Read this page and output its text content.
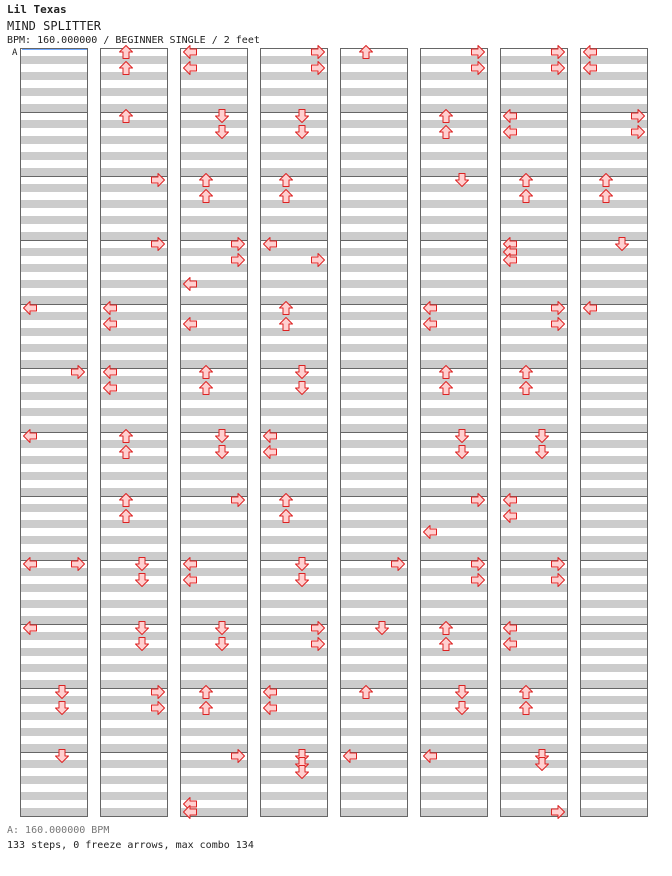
Lil Texas
MIND SPLITTER
BPM: 160.000000 / BEGINNER SINGLE / 2 feet
A
A: 160.000000 BPM
133 steps, 0 freeze arrows, max combo 134
